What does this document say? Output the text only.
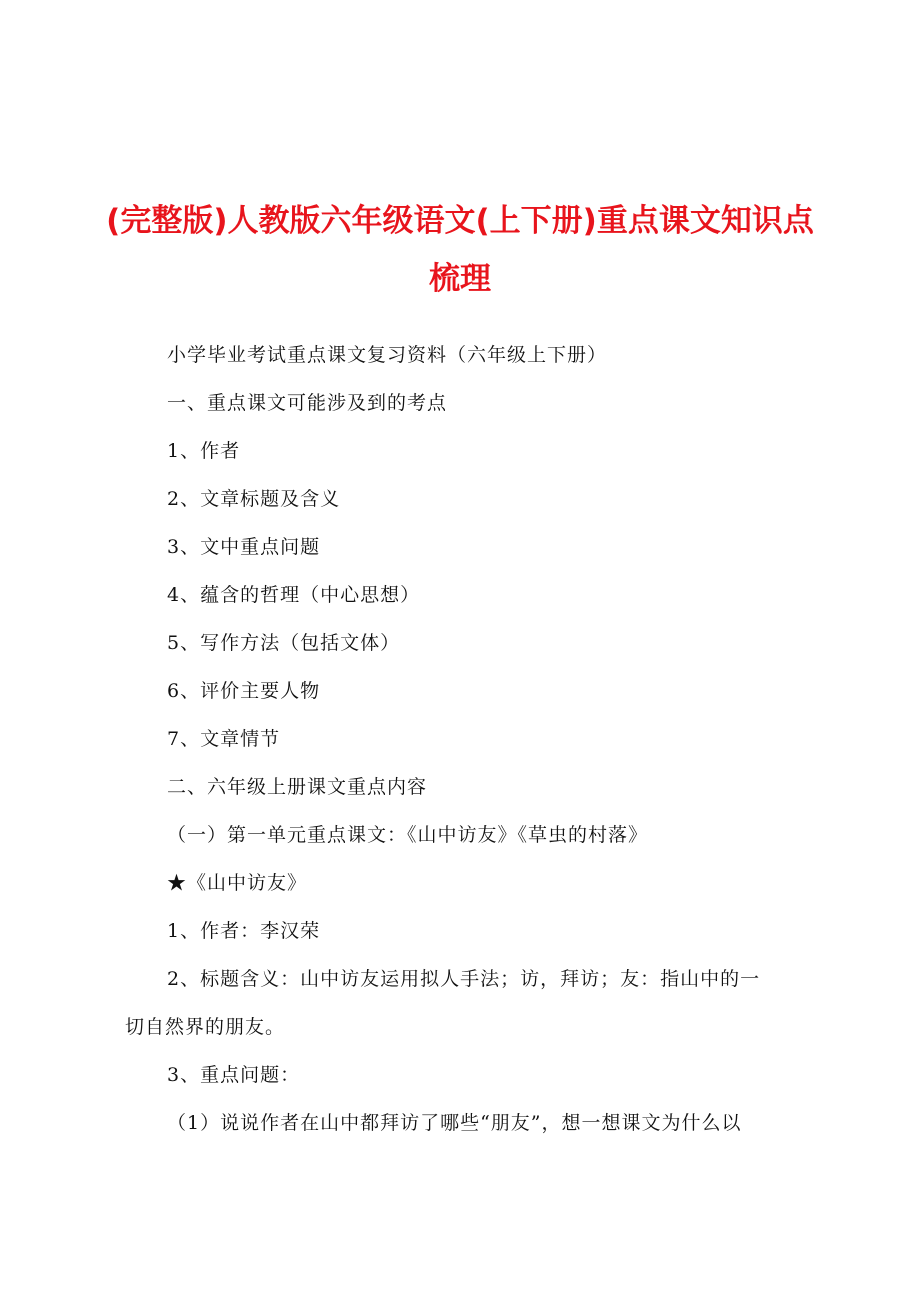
(完整版)人教版六年级语文(上下册)重点课文知识点梳理
小学毕业考试重点课文复习资料（六年级上下册）
一、重点课文可能涉及到的考点
1、作者
2、文章标题及含义
3、文中重点问题
4、蕴含的哲理（中心思想）
5、写作方法（包括文体）
6、评价主要人物
7、文章情节
二、六年级上册课文重点内容
（一）第一单元重点课文：《山中访友》《草虫的村落》
★《山中访友》
1、作者：李汉荣
2、标题含义：山中访友运用拟人手法；访，拜访；友：指山中的一
切自然界的朋友。
3、重点问题：
（1）说说作者在山中都拜访了哪些“朋友”，想一想课文为什么以
